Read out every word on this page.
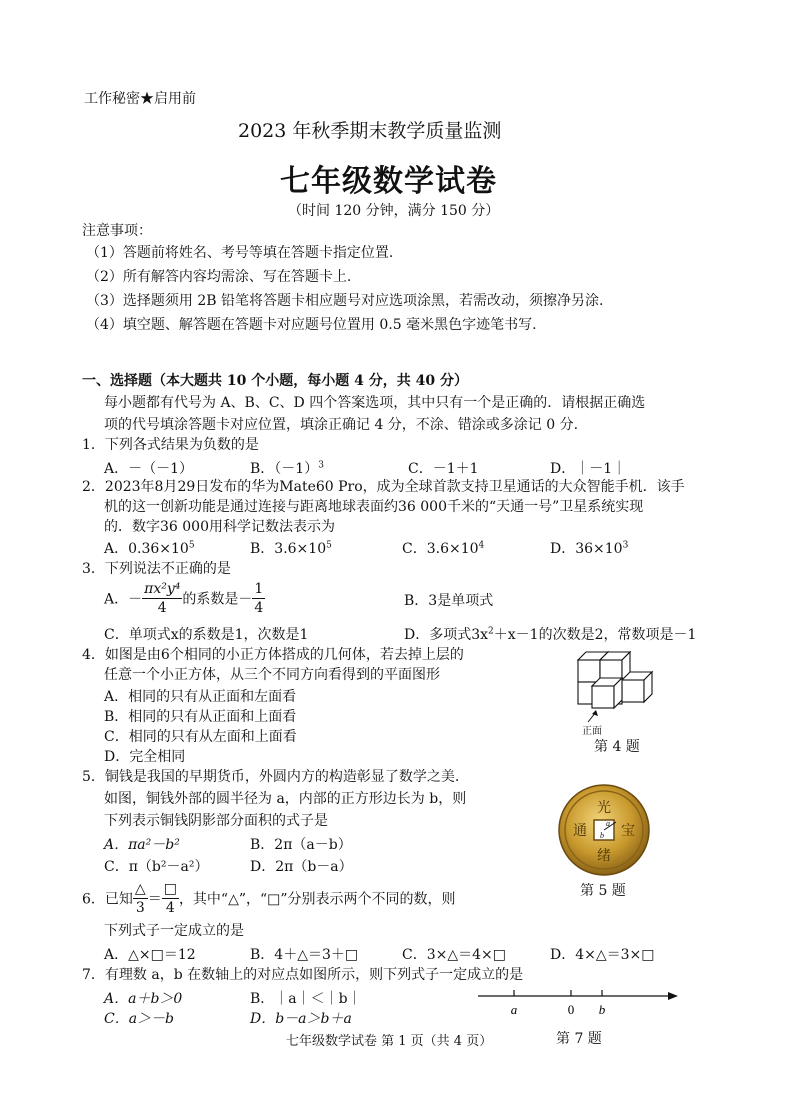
工作秘密★启用前
2023 年秋季期末教学质量监测
七年级数学试卷
（时间 120 分钟，满分 150 分）
注意事项：
（1）答题前将姓名、考号等填在答题卡指定位置.
（2）所有解答内容均需涂、写在答题卡上.
（3）选择题须用 2B 铅笔将答题卡相应题号对应选项涂黑，若需改动，须擦净另涂.
（4）填空题、解答题在答题卡对应题号位置用 0.5 毫米黑色字迹笔书写.
一、选择题（本大题共 10 个小题，每小题 4 分，共 40 分）
每小题都有代号为 A、B、C、D 四个答案选项，其中只有一个是正确的．请根据正确选
项的代号填涂答题卡对应位置，填涂正确记 4 分，不涂、错涂或多涂记 0 分.
1．下列各式结果为负数的是
A．－（－1）	B．$(-1)^3$	C．－1＋1	D．｜－1｜
2．2023年8月29日发布的华为Mate60 Pro，成为全球首款支持卫星通话的大众智能手机．该手
机的这一创新功能是通过连接与距离地球表面约36 000千米的“天通一号”卫星系统实现
的．数字36 000用科学记数法表示为
A．$0.36\times 10^5$	B．$3.6\times 10^5$	C．$3.6\times 10^4$	D．$36\times 10^3$
3．下列说法不正确的是
A．－ $\frac{\text{πx²y⁴}}{4}$ 的系数是－ $\frac{1}{4}$	B．3是单项式
C．单项式x的系数是1，次数是1	D．多项式$3x^2+x-1$的次数是2，常数项是－1
4．如图是由6个相同的小正方体搭成的几何体，若去掉上层的
任意一个小正方体，从三个不同方向看得到的平面图形
A．相同的只有从正面和左面看
B．相同的只有从正面和上面看
C．相同的只有从左面和上面看
D．完全相同
正面
第 4 题
5．铜钱是我国的早期货币，外圆内方的构造彰显了数学之美.
如图，铜钱外部的圆半径为 a，内部的正方形边长为 b，则
下列表示铜钱阴影部分面积的式子是
A．πa²－b²	B．2π（a－b）
C．π（b²－a²）	D．2π（b－a）
a
b
光
绪
通 宝
第 5 题
6．已知 $\frac{\triangle}{3} = \frac{□}{4}$ ，其中“△”，“□”分别表示两个不同的数，则
下列式子一定成立的是
A．△×□＝12	B．4＋△＝3＋□	C．3×△＝4×□	D．4×△＝3×□
7．有理数 a，b 在数轴上的对应点如图所示，则下列式子一定成立的是
A．a＋b＞0	B．｜a｜＜｜b｜
C．a＞－b	D．b－a＞b＋a
a	0 b
第 7 题
七年级数学试卷 第 1 页（共 4 页）
